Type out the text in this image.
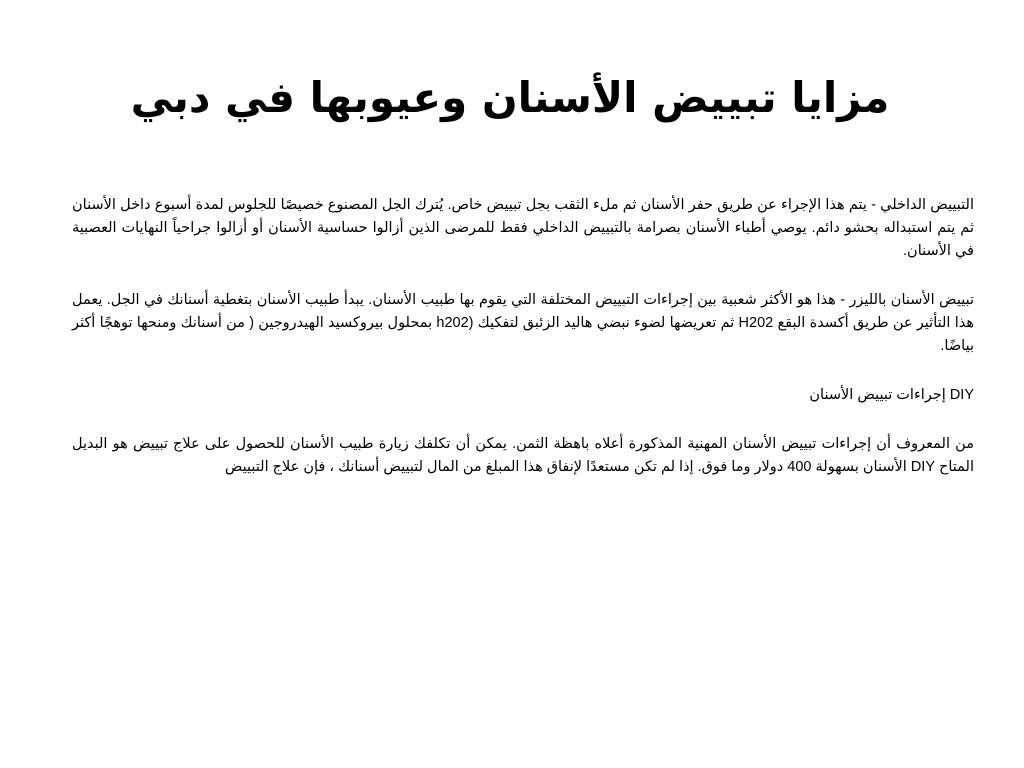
مزايا تبييض الأسنان وعيوبها في دبي

التبييض الداخلي - يتم هذا الإجراء عن طريق حفر الأسنان ثم ملء الثقب بجل تبييض خاص. يُترك الجل المصنوع خصيصًا للجلوس لمدة أسبوع داخل الأسنان ثم يتم استبداله بحشو دائم. يوصي أطباء الأسنان بصرامة بالتبييض الداخلي فقط للمرضى الذين أزالوا حساسية الأسنان أو أزالوا جراحياً النهايات العصبية في الأسنان.

تبييض الأسنان بالليزر - هذا هو الأكثر شعبية بين إجراءات التبييض المختلفة التي يقوم بها طبيب الأسنان. يبدأ طبيب الأسنان بتغطية أسنانك في الجل. يعمل هذا التأثير عن طريق أكسدة البقع H202 ثم تعريضها لضوء نبضي هاليد الزئبق لتفكيك (h202 بمحلول بيروكسيد الهيدروجين ( من أسنانك ومنحها توهجًا أكثر بياضًا.

DIY إجراءات تبييض الأسنان

من المعروف أن إجراءات تبييض الأسنان المهنية المذكورة أعلاه باهظة الثمن. يمكن أن تكلفك زيارة طبيب الأسنان للحصول على علاج تبييض هو البديل المتاح DIY الأسنان بسهولة 400 دولار وما فوق. إذا لم تكن مستعدًا لإنفاق هذا المبلغ من المال لتبييض أسنانك ، فإن علاج التبييض
